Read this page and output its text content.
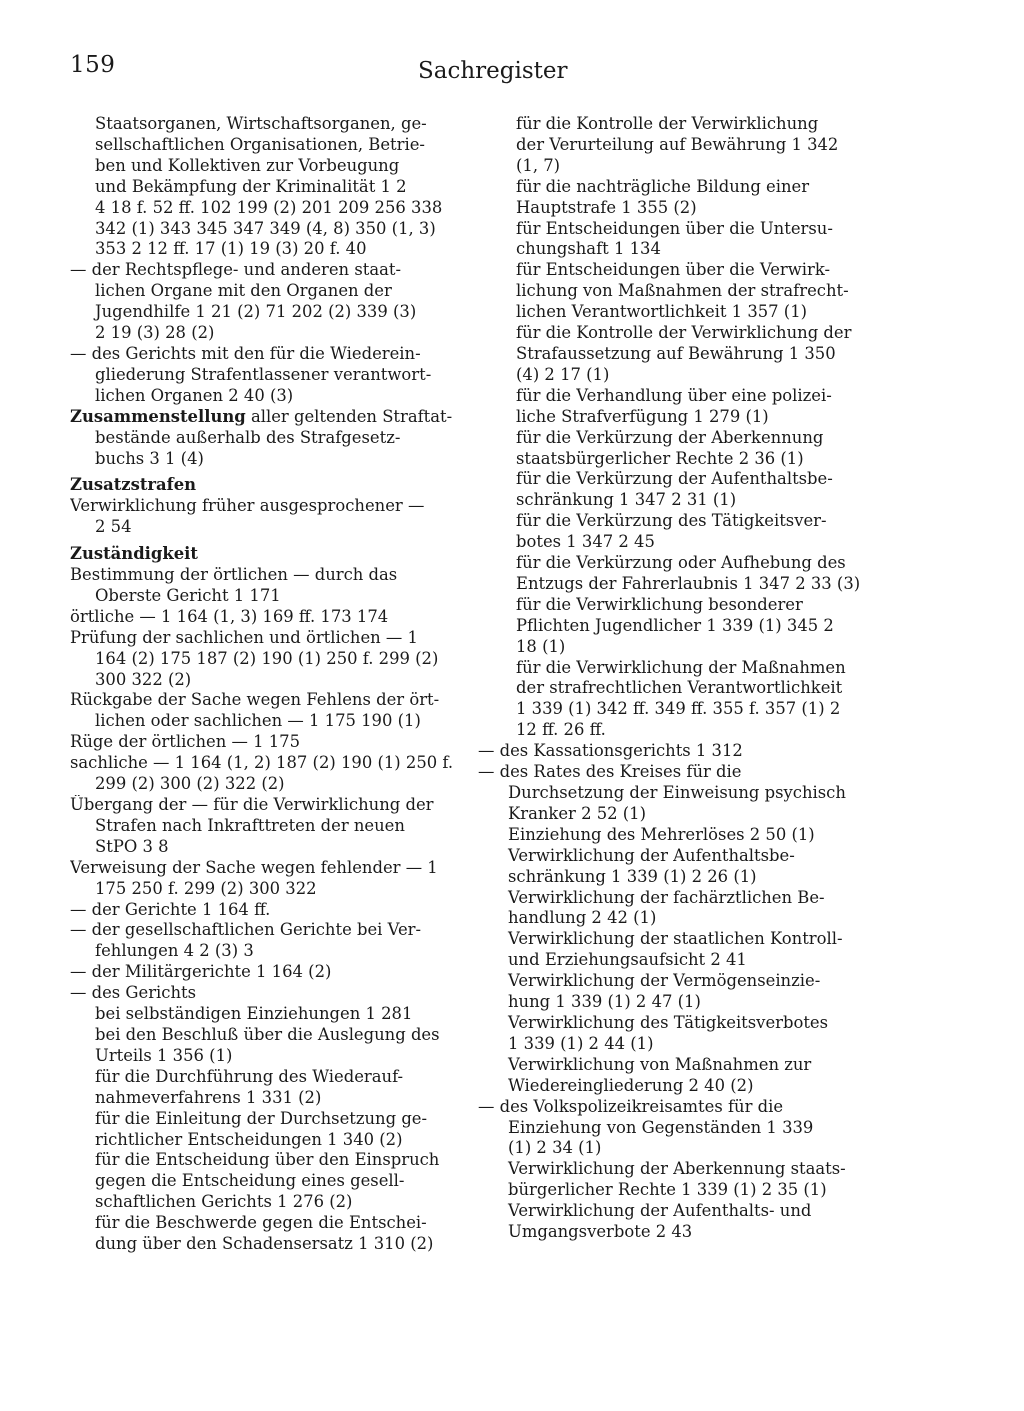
159	Sachregister
Staatsorganen, Wirtschaftsorganen, ge-
sellschaftlichen Organisationen, Betrie-
ben und Kollektiven zur Vorbeugung
und Bekämpfung der Kriminalität 1 2
4 18 f. 52 ff. 102 199 (2) 201 209 256 338
342 (1) 343 345 347 349 (4, 8) 350 (1, 3)
353 2 12 ff. 17 (1) 19 (3) 20 f. 40
— der Rechtspflege- und anderen staat-
lichen Organe mit den Organen der
Jugendhilfe 1 21 (2) 71 202 (2) 339 (3)
2 19 (3) 28 (2)
— des Gerichts mit den für die Wiederein-
gliederung Strafentlassener verantwort-
lichen Organen 2 40 (3)
Zusammenstellung aller geltenden Straftat-
bestände außerhalb des Strafgesetz-
buchs 3 1 (4)
Zusatzstrafen
Verwirklichung früher ausgesprochener —
2 54
Zuständigkeit
Bestimmung der örtlichen — durch das
Oberste Gericht 1 171
örtliche — 1 164 (1, 3) 169 ff. 173 174
Prüfung der sachlichen und örtlichen — 1
164 (2) 175 187 (2) 190 (1) 250 f. 299 (2)
300 322 (2)
Rückgabe der Sache wegen Fehlens der ört-
lichen oder sachlichen — 1 175 190 (1)
Rüge der örtlichen — 1 175
sachliche — 1 164 (1, 2) 187 (2) 190 (1) 250 f.
299 (2) 300 (2) 322 (2)
Übergang der — für die Verwirklichung der
Strafen nach Inkrafttreten der neuen
StPO 3 8
Verweisung der Sache wegen fehlender — 1
175 250 f. 299 (2) 300 322
— der Gerichte 1 164 ff.
— der gesellschaftlichen Gerichte bei Ver-
fehlungen 4 2 (3) 3
— der Militärgerichte 1 164 (2)
— des Gerichts
bei selbständigen Einziehungen 1 281
bei den Beschluß über die Auslegung des
Urteils 1 356 (1)
für die Durchführung des Wiederauf-
nahmeverfahrens 1 331 (2)
für die Einleitung der Durchsetzung ge-
richtlicher Entscheidungen 1 340 (2)
für die Entscheidung über den Einspruch
gegen die Entscheidung eines gesell-
schaftlichen Gerichts 1 276 (2)
für die Beschwerde gegen die Entschei-
dung über den Schadensersatz 1 310 (2)
für die Kontrolle der Verwirklichung
der Verurteilung auf Bewährung 1 342
(1, 7)
für die nachträgliche Bildung einer
Hauptstrafe 1 355 (2)
für Entscheidungen über die Untersu-
chungshaft 1 134
für Entscheidungen über die Verwirk-
lichung von Maßnahmen der strafrecht-
lichen Verantwortlichkeit 1 357 (1)
für die Kontrolle der Verwirklichung der
Strafaussetzung auf Bewährung 1 350
(4) 2 17 (1)
für die Verhandlung über eine polizei-
liche Strafverfügung 1 279 (1)
für die Verkürzung der Aberkennung
staatsbürgerlicher Rechte 2 36 (1)
für die Verkürzung der Aufenthaltsbe-
schränkung 1 347 2 31 (1)
für die Verkürzung des Tätigkeitsver-
botes 1 347 2 45
für die Verkürzung oder Aufhebung des
Entzugs der Fahrerlaubnis 1 347 2 33 (3)
für die Verwirklichung besonderer
Pflichten Jugendlicher 1 339 (1) 345 2
18 (1)
für die Verwirklichung der Maßnahmen
der strafrechtlichen Verantwortlichkeit
1 339 (1) 342 ff. 349 ff. 355 f. 357 (1) 2
12 ff. 26 ff.
— des Kassationsgerichts 1 312
— des Rates des Kreises für die
Durchsetzung der Einweisung psychisch
Kranker 2 52 (1)
Einziehung des Mehrerlöses 2 50 (1)
Verwirklichung der Aufenthaltsbe-
schränkung 1 339 (1) 2 26 (1)
Verwirklichung der fachärztlichen Be-
handlung 2 42 (1)
Verwirklichung der staatlichen Kontroll-
und Erziehungsaufsicht 2 41
Verwirklichung der Vermögenseinzie-
hung 1 339 (1) 2 47 (1)
Verwirklichung des Tätigkeitsverbotes
1 339 (1) 2 44 (1)
Verwirklichung von Maßnahmen zur
Wiedereingliederung 2 40 (2)
— des Volkspolizeikreisamtes für die
Einziehung von Gegenständen 1 339
(1) 2 34 (1)
Verwirklichung der Aberkennung staats-
bürgerlicher Rechte 1 339 (1) 2 35 (1)
Verwirklichung der Aufenthalts- und
Umgangsverbote 2 43
